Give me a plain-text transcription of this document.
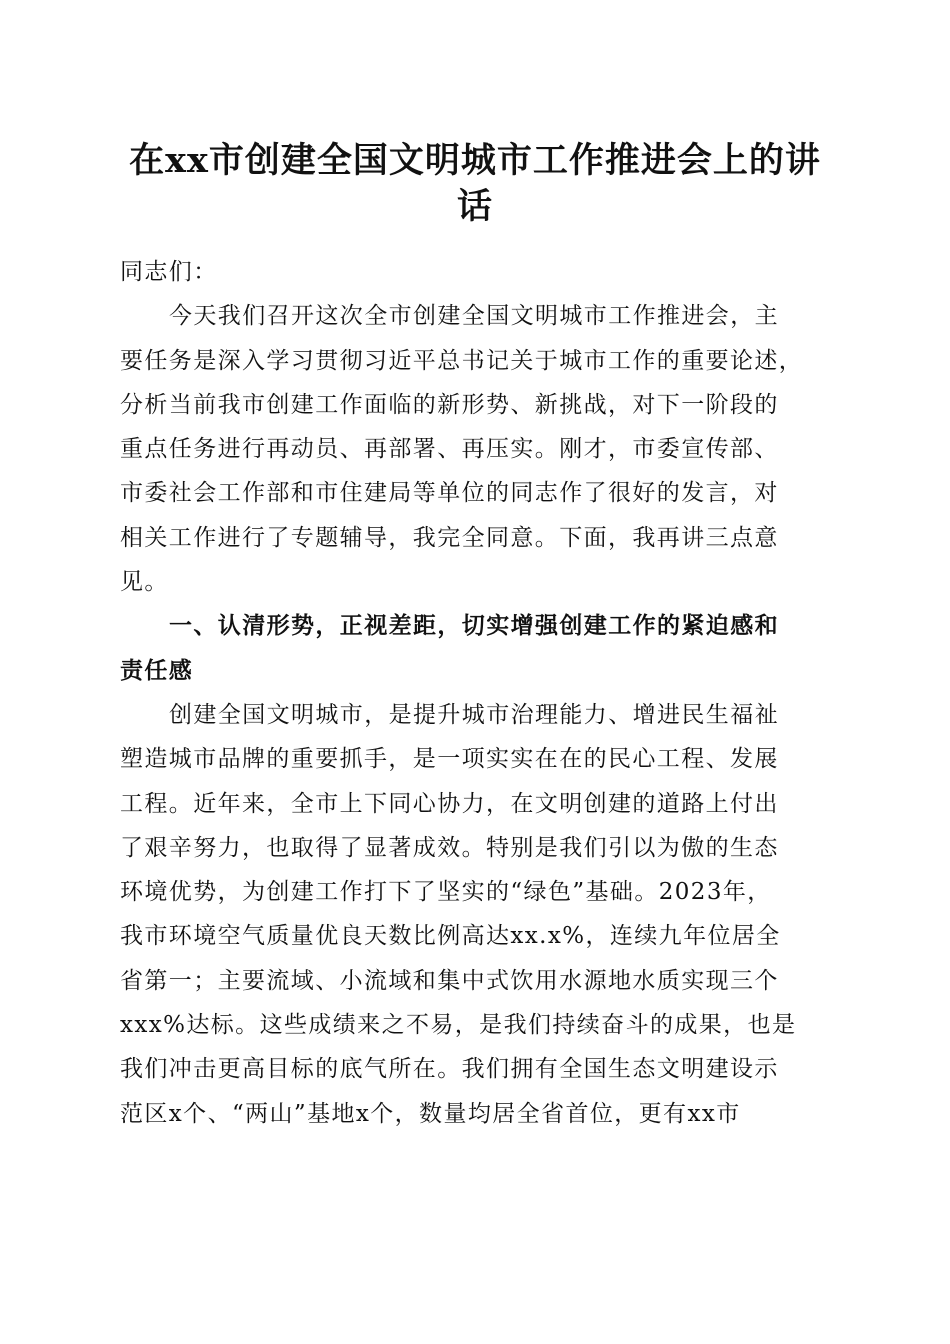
在xx市创建全国文明城市工作推进会上的讲
话
同志们：
今天我们召开这次全市创建全国文明城市工作推进会，主
要任务是深入学习贯彻习近平总书记关于城市工作的重要论述，
分析当前我市创建工作面临的新形势、新挑战，对下一阶段的
重点任务进行再动员、再部署、再压实。刚才，市委宣传部、
市委社会工作部和市住建局等单位的同志作了很好的发言，对
相关工作进行了专题辅导，我完全同意。下面，我再讲三点意
见。
一、认清形势，正视差距，切实增强创建工作的紧迫感和
责任感
创建全国文明城市，是提升城市治理能力、增进民生福祉
塑造城市品牌的重要抓手，是一项实实在在的民心工程、发展
工程。近年来，全市上下同心协力，在文明创建的道路上付出
了艰辛努力，也取得了显著成效。特别是我们引以为傲的生态
环境优势，为创建工作打下了坚实的“绿色”基础。2023年，
我市环境空气质量优良天数比例高达xx.x%，连续九年位居全
省第一；主要流域、小流域和集中式饮用水源地水质实现三个
xxx%达标。这些成绩来之不易，是我们持续奋斗的成果，也是
我们冲击更高目标的底气所在。我们拥有全国生态文明建设示
范区x个、“两山”基地x个，数量均居全省首位，更有xx市
